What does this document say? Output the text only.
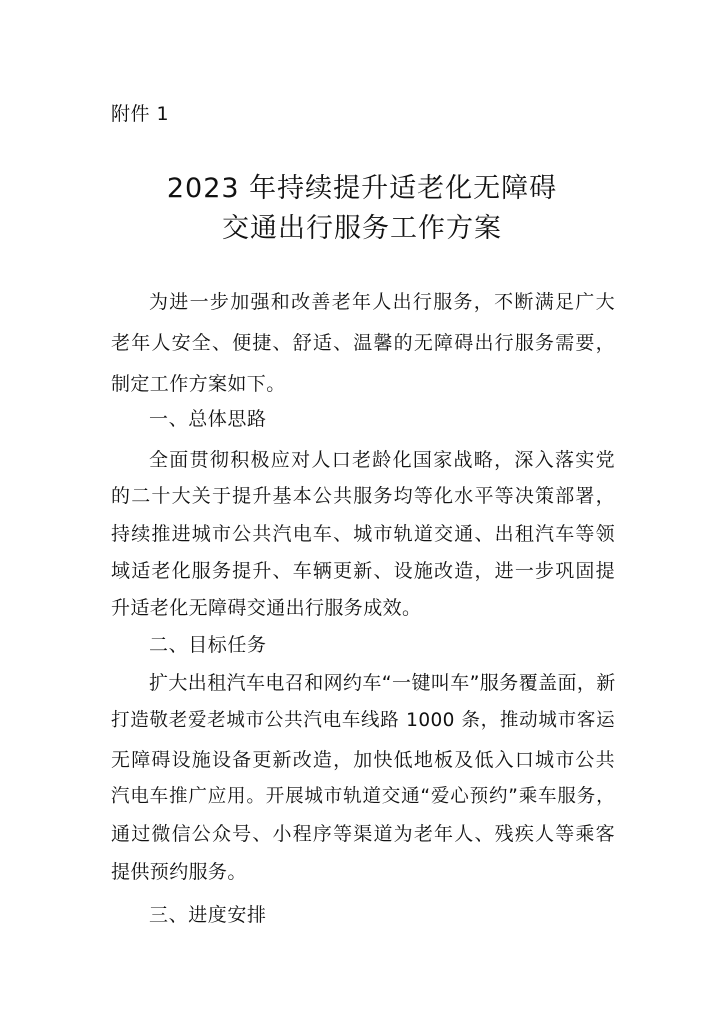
附件 1
2023 年持续提升适老化无障碍
交通出行服务工作方案
为进一步加强和改善老年人出行服务，不断满足广大
老年人安全、便捷、舒适、温馨的无障碍出行服务需要，
制定工作方案如下。
一、总体思路
全面贯彻积极应对人口老龄化国家战略，深入落实党
的二十大关于提升基本公共服务均等化水平等决策部署，
持续推进城市公共汽电车、城市轨道交通、出租汽车等领
域适老化服务提升、车辆更新、设施改造，进一步巩固提
升适老化无障碍交通出行服务成效。
二、目标任务
扩大出租汽车电召和网约车“一键叫车”服务覆盖面，新
打造敬老爱老城市公共汽电车线路 1000 条，推动城市客运
无障碍设施设备更新改造，加快低地板及低入口城市公共
汽电车推广应用。开展城市轨道交通“爱心预约”乘车服务，
通过微信公众号、小程序等渠道为老年人、残疾人等乘客
提供预约服务。
三、进度安排
